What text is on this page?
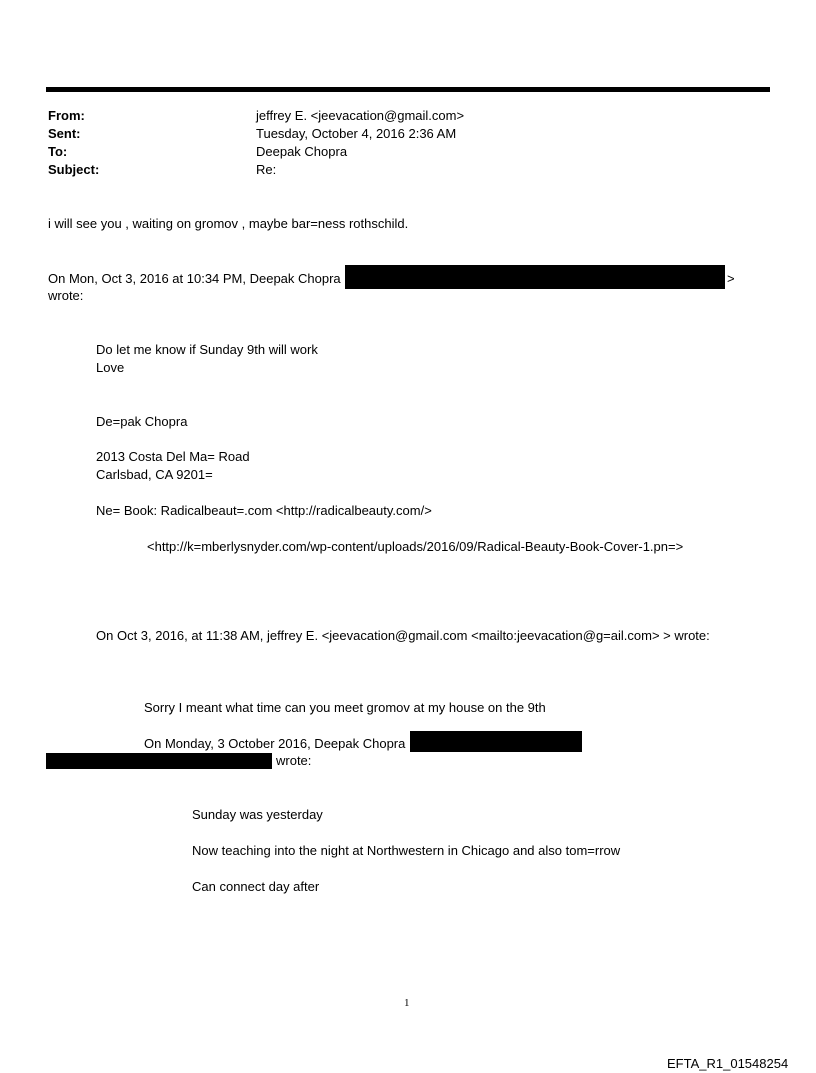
From:	jeffrey E. <jeevacation@gmail.com>
Sent:	Tuesday, October 4, 2016 2:36 AM
To:	Deepak Chopra
Subject:	Re:
i will see you , waiting on gromov , maybe bar=ness rothschild.
On Mon, Oct 3, 2016 at 10:34 PM, Deepak Chopra	>
wrote:
Do let me know if Sunday 9th will work
Love
De=pak Chopra
2013 Costa Del Ma= Road
Carlsbad, CA 9201=
Ne= Book: Radicalbeaut=.com <http://radicalbeauty.com/>
<http://k=mberlysnyder.com/wp-content/uploads/2016/09/Radical-Beauty-Book-Cover-1.pn=>
On Oct 3, 2016, at 11:38 AM, jeffrey E. <jeevacation@gmail.com <mailto:jeevacation@g=ail.com> > wrote:
Sorry I meant what time can you meet gromov at my house on the 9th
On Monday, 3 October 2016, Deepak Chopra
wrote:
Sunday was yesterday
Now teaching into the night at Northwestern in Chicago and also tom=rrow
Can connect day after
1
EFTA_R1_01548254
